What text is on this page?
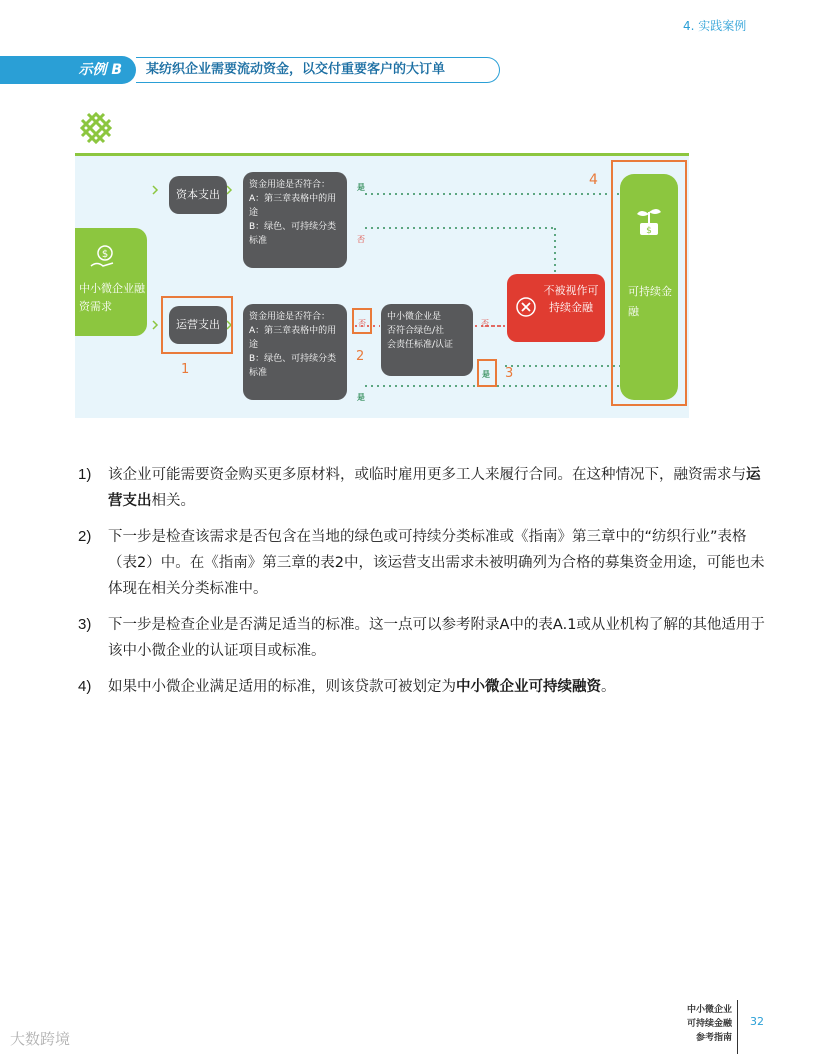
4. 实践案例
示例 B	某纺织企业需要流动资金，以交付重要客户的大订单
$
中小微企业融资需求
资本支出
运营支出
1
资金用途是否符合：
A：第三章表格中的用途
B：绿色、可持续分类标准
资金用途是否符合：
A：第三章表格中的用途
B：绿色、可持续分类标准
是
否
否
2
是
中小微企业是
否符合绿色/社
会责任标准/认证
否
是 3
不被视作可持续金融
4
$
可持续金融
1) 该企业可能需要资金购买更多原材料，或临时雇用更多工人来履行合同。在这种情况下，融资需求与运营支出相关。
2) 下一步是检查该需求是否包含在当地的绿色或可持续分类标准或《指南》第三章中的“纺织行业”表格（表2）中。在《指南》第三章的表2中，该运营支出需求未被明确列为合格的募集资金用途，可能也未体现在相关分类标准中。
3) 下一步是检查企业是否满足适当的标准。这一点可以参考附录A中的表A.1或从业机构了解的其他适用于该中小微企业的认证项目或标准。
4) 如果中小微企业满足适用的标准，则该贷款可被划定为中小微企业可持续融资。
中小微企业
可持续金融
参考指南
32
大数跨境
